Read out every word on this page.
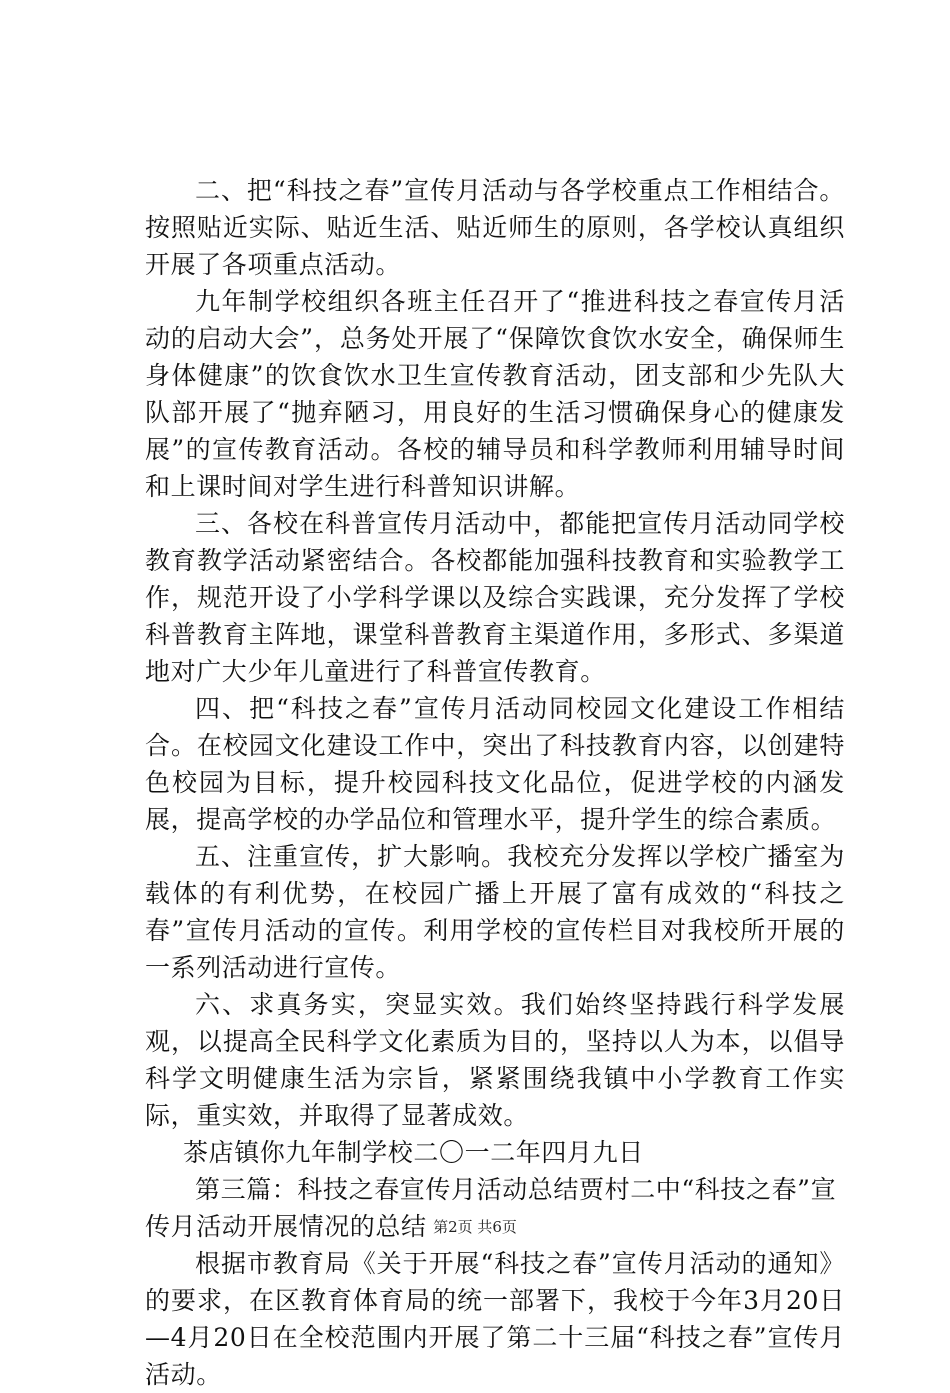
二、把“科技之春”宣传月活动与各学校重点工作相结合。按照贴近实际、贴近生活、贴近师生的原则，各学校认真组织开展了各项重点活动。

九年制学校组织各班主任召开了“推进科技之春宣传月活动的启动大会”，总务处开展了“保障饮食饮水安全，确保师生身体健康”的饮食饮水卫生宣传教育活动，团支部和少先队大队部开展了“抛弃陋习，用良好的生活习惯确保身心的健康发展”的宣传教育活动。各校的辅导员和科学教师利用辅导时间和上课时间对学生进行科普知识讲解。

三、各校在科普宣传月活动中，都能把宣传月活动同学校教育教学活动紧密结合。各校都能加强科技教育和实验教学工作，规范开设了小学科学课以及综合实践课，充分发挥了学校科普教育主阵地，课堂科普教育主渠道作用，多形式、多渠道地对广大少年儿童进行了科普宣传教育。

四、把“科技之春”宣传月活动同校园文化建设工作相结合。在校园文化建设工作中，突出了科技教育内容，以创建特色校园为目标，提升校园科技文化品位，促进学校的内涵发展，提高学校的办学品位和管理水平，提升学生的综合素质。

五、注重宣传，扩大影响。我校充分发挥以学校广播室为载体的有利优势，在校园广播上开展了富有成效的“科技之春”宣传月活动的宣传。利用学校的宣传栏目对我校所开展的一系列活动进行宣传。

六、求真务实，突显实效。我们始终坚持践行科学发展观，以提高全民科学文化素质为目的，坚持以人为本，以倡导科学文明健康生活为宗旨，紧紧围绕我镇中小学教育工作实际，重实效，并取得了显著成效。

茶店镇你九年制学校二〇一二年四月九日

第三篇：科技之春宣传月活动总结贾村二中“科技之春”宣传月活动开展情况的总结

根据市教育局《关于开展“科技之春”宣传月活动的通知》的要求，在区教育体育局的统一部署下，我校于今年3月20日—4月20日在全校范围内开展了第二十三届“科技之春”宣传月活动。

第2页 共6页
